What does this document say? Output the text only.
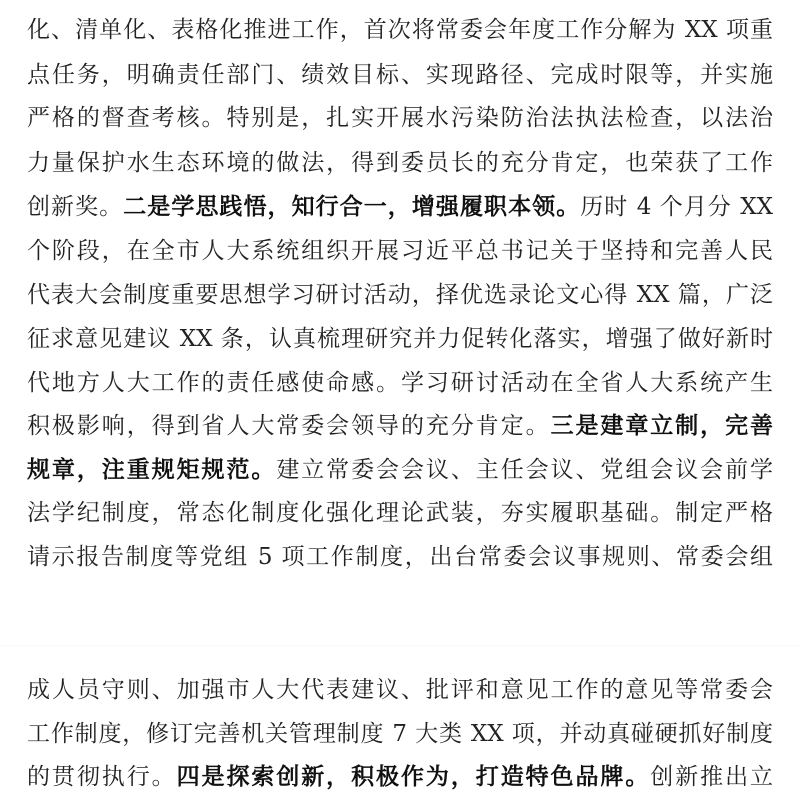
化、清单化、表格化推进工作，首次将常委会年度工作分解为 XX 项重
点任务，明确责任部门、绩效目标、实现路径、完成时限等，并实施
严格的督查考核。特别是，扎实开展水污染防治法执法检查，以法治
力量保护水生态环境的做法，得到委员长的充分肯定，也荣获了工作
创新奖。二是学思践悟，知行合一，增强履职本领。历时 4 个月分 XX
个阶段，在全市人大系统组织开展习近平总书记关于坚持和完善人民
代表大会制度重要思想学习研讨活动，择优选录论文心得 XX 篇，广泛
征求意见建议 XX 条，认真梳理研究并力促转化落实，增强了做好新时
代地方人大工作的责任感使命感。学习研讨活动在全省人大系统产生
积极影响，得到省人大常委会领导的充分肯定。三是建章立制，完善
规章，注重规矩规范。建立常委会会议、主任会议、党组会议会前学
法学纪制度，常态化制度化强化理论武装，夯实履职基础。制定严格
请示报告制度等党组 5 项工作制度，出台常委会议事规则、常委会组
成人员守则、加强市人大代表建议、批评和意见工作的意见等常委会
工作制度，修订完善机关管理制度 7 大类 XX 项，并动真碰硬抓好制度
的贯彻执行。四是探索创新，积极作为，打造特色品牌。创新推出立
